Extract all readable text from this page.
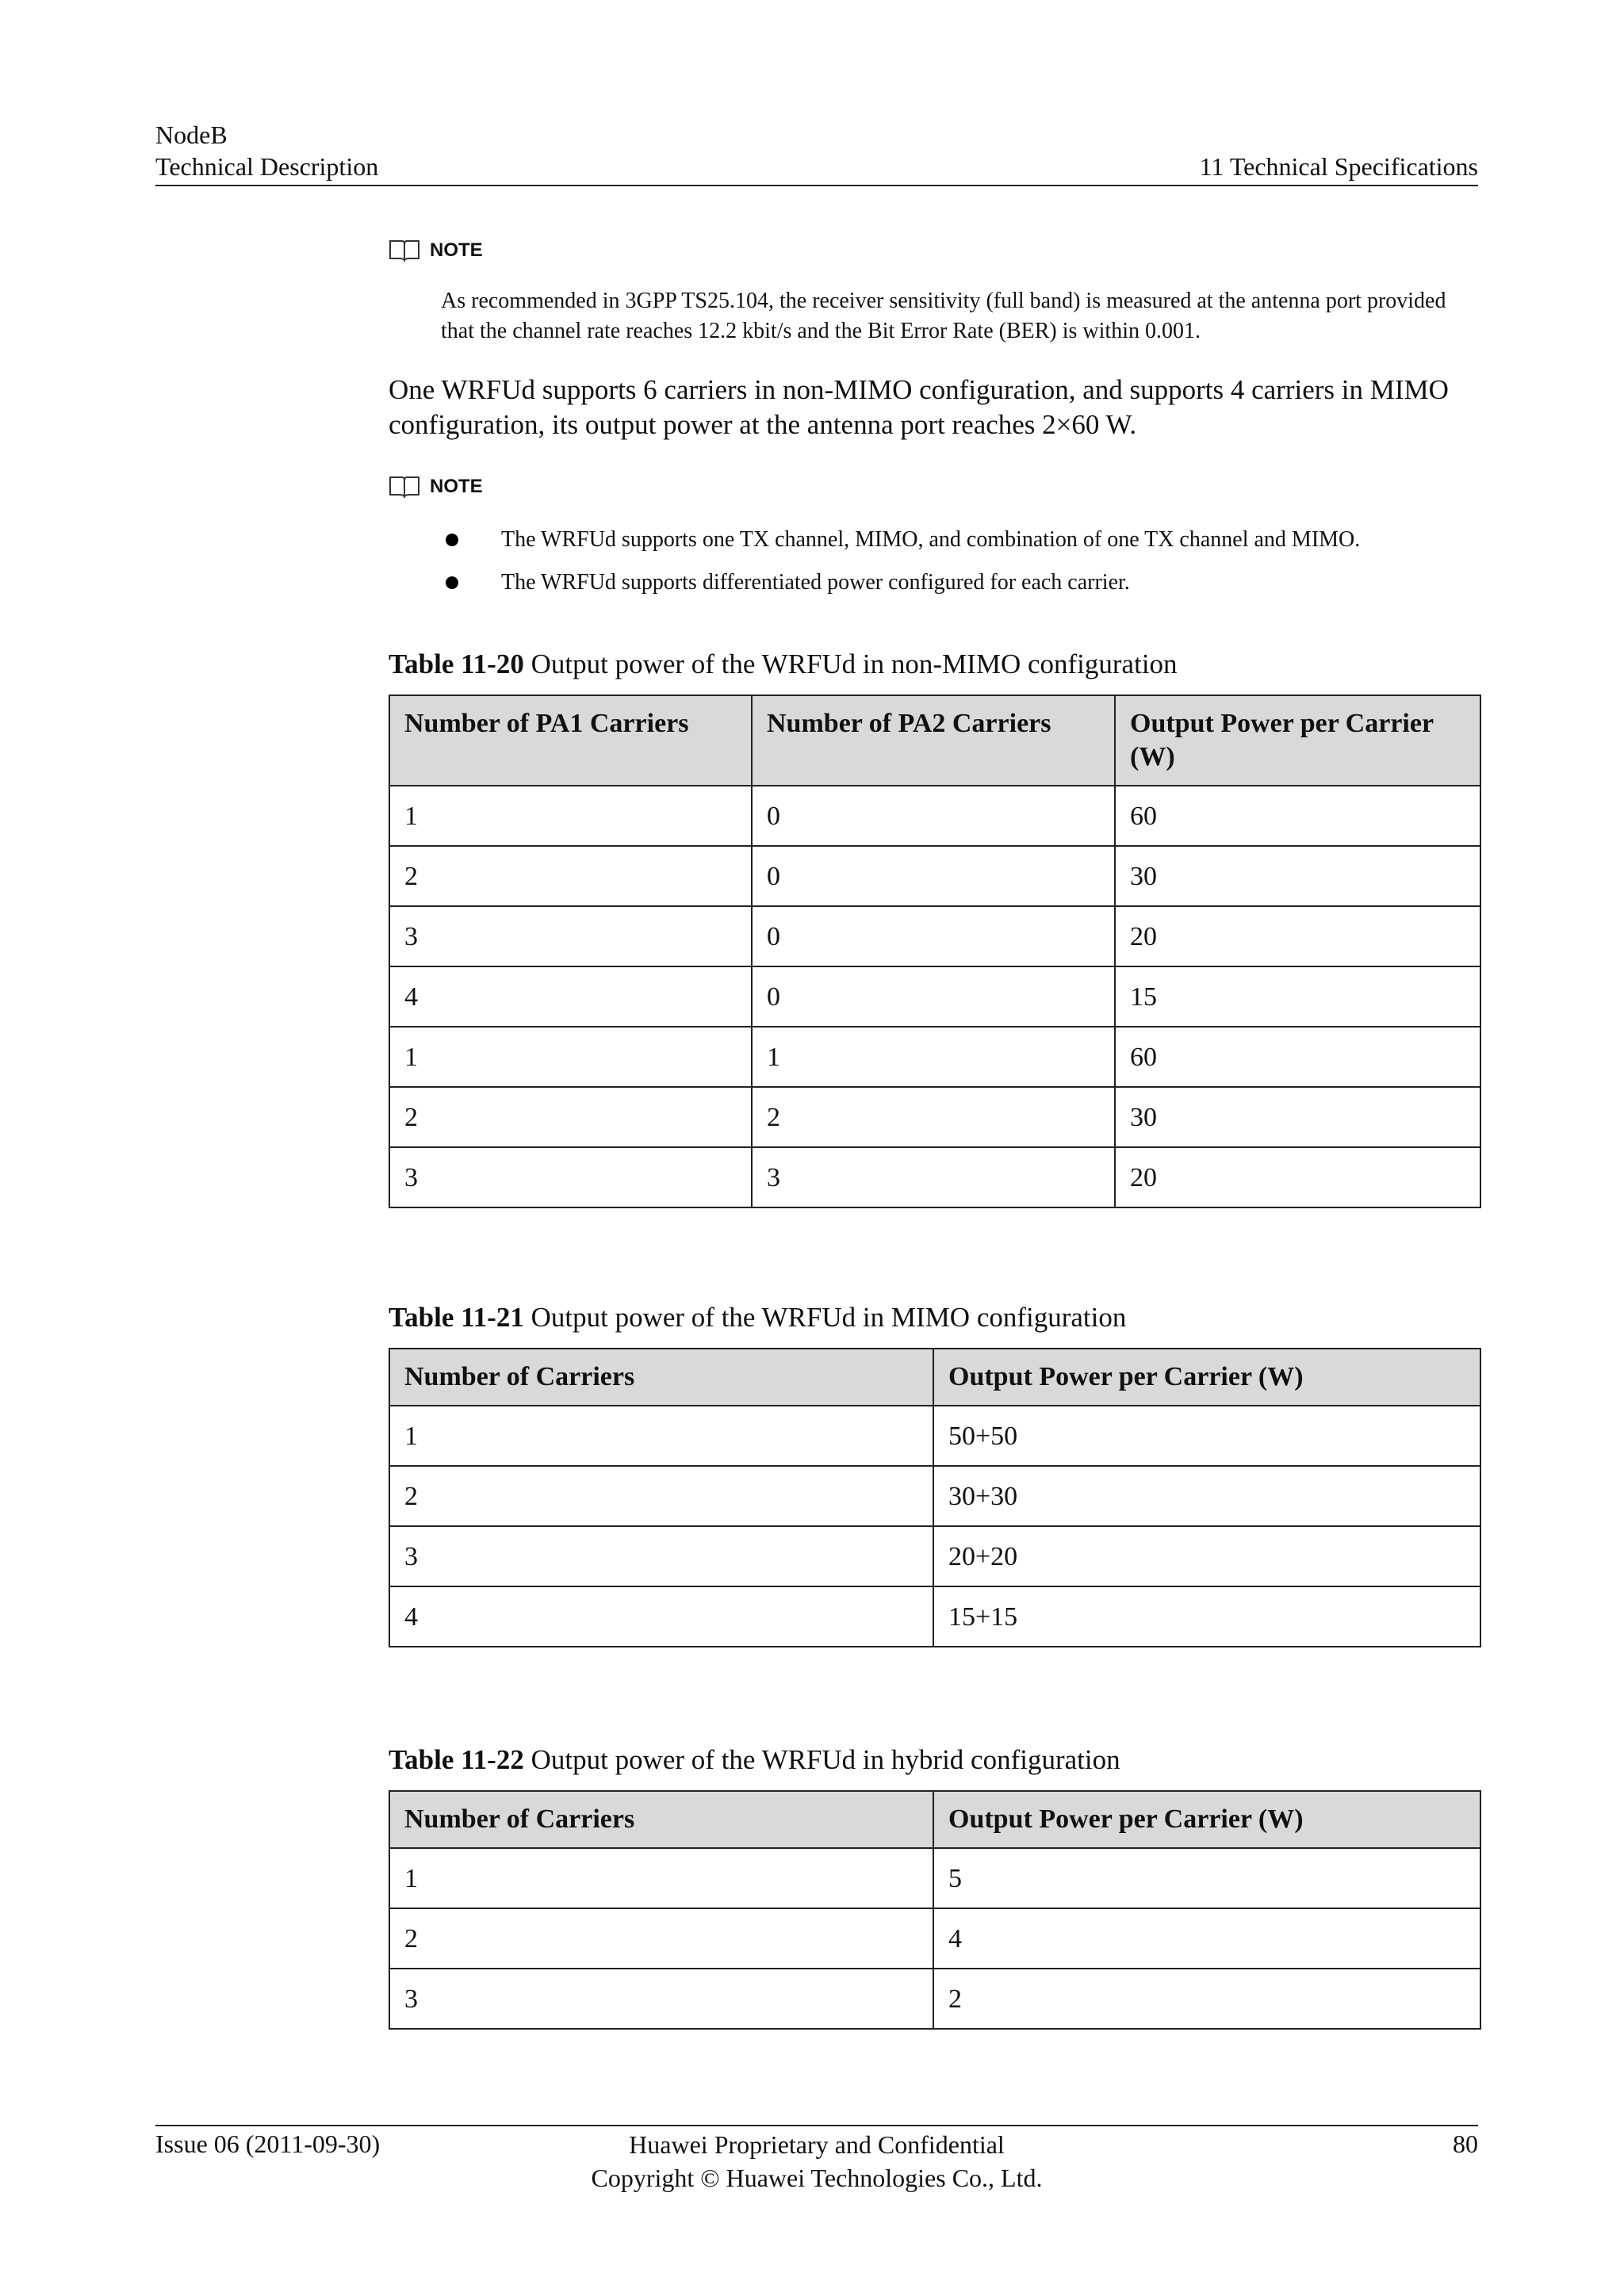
NodeB
Technical Description	11 Technical Specifications
NOTE
As recommended in 3GPP TS25.104, the receiver sensitivity (full band) is measured at the antenna port provided that the channel rate reaches 12.2 kbit/s and the Bit Error Rate (BER) is within 0.001.
One WRFUd supports 6 carriers in non-MIMO configuration, and supports 4 carriers in MIMO configuration, its output power at the antenna port reaches 2×60 W.
NOTE
The WRFUd supports one TX channel, MIMO, and combination of one TX channel and MIMO.
The WRFUd supports differentiated power configured for each carrier.
Table 11-20 Output power of the WRFUd in non-MIMO configuration
Number of PA1 Carriers	Number of PA2 Carriers	Output Power per Carrier (W)
1	0	60
2	0	30
3	0	20
4	0	15
1	1	60
2	2	30
3	3	20
Table 11-21 Output power of the WRFUd in MIMO configuration
Number of Carriers	Output Power per Carrier (W)
1	50+50
2	30+30
3	20+20
4	15+15
Table 11-22 Output power of the WRFUd in hybrid configuration
Number of Carriers	Output Power per Carrier (W)
1	5
2	4
3	2
Issue 06 (2011-09-30)	Huawei Proprietary and Confidential
Copyright © Huawei Technologies Co., Ltd.
80
